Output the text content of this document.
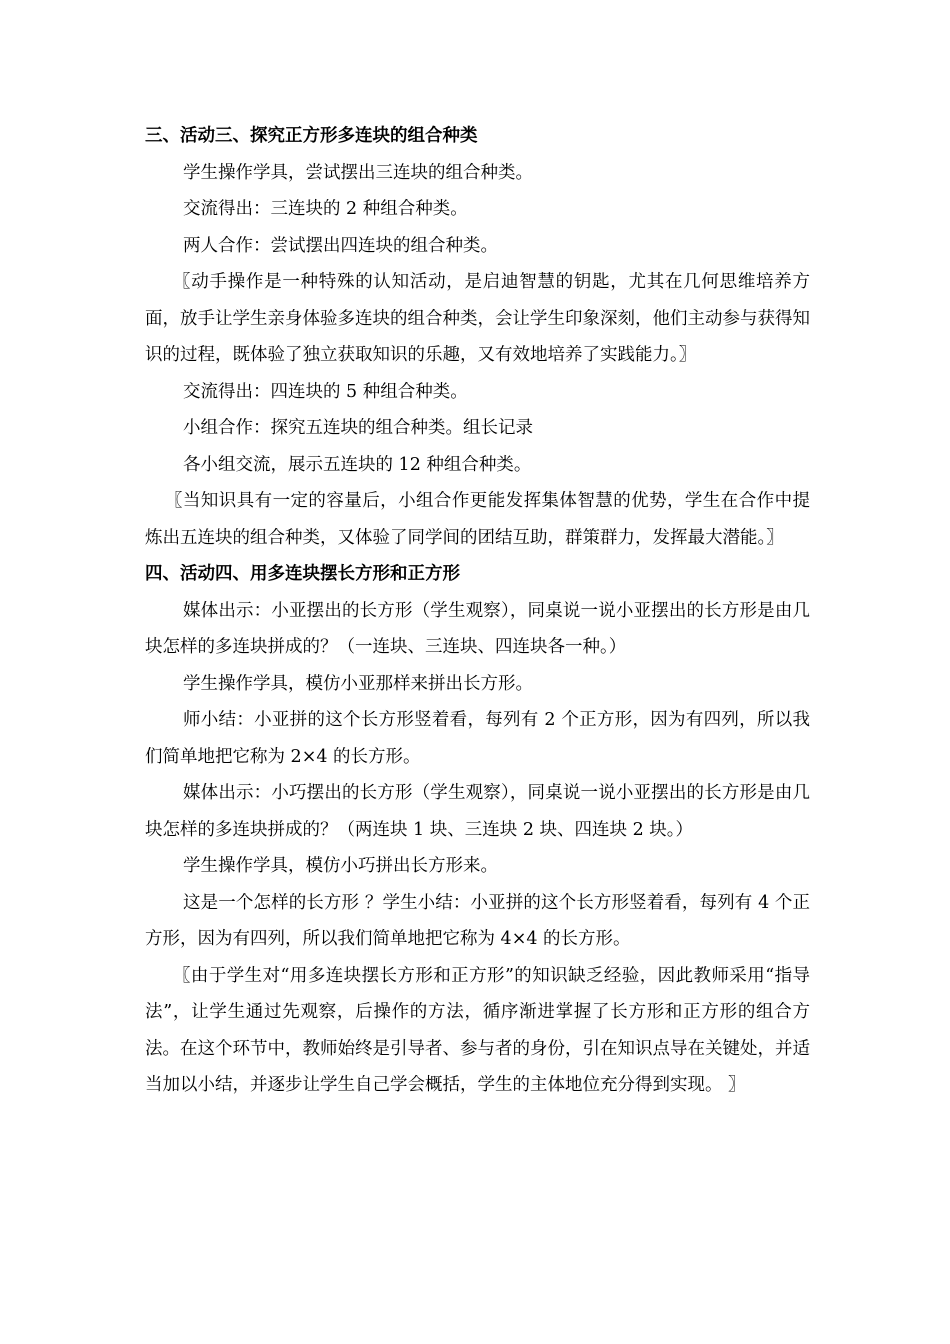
三、活动三、探究正方形多连块的组合种类

学生操作学具，尝试摆出三连块的组合种类。

交流得出：三连块的 2 种组合种类。

两人合作：尝试摆出四连块的组合种类。

〖动手操作是一种特殊的认知活动，是启迪智慧的钥匙，尤其在几何思维培养方面，放手让学生亲身体验多连块的组合种类，会让学生印象深刻，他们主动参与获得知识的过程，既体验了独立获取知识的乐趣，又有效地培养了实践能力。〗

交流得出：四连块的 5 种组合种类。

小组合作：探究五连块的组合种类。组长记录

各小组交流，展示五连块的 12 种组合种类。

〖当知识具有一定的容量后，小组合作更能发挥集体智慧的优势，学生在合作中提炼出五连块的组合种类，又体验了同学间的团结互助，群策群力，发挥最大潜能。〗

四、活动四、用多连块摆长方形和正方形

媒体出示：小亚摆出的长方形（学生观察），同桌说一说小亚摆出的长方形是由几块怎样的多连块拼成的？（一连块、三连块、四连块各一种。）

学生操作学具，模仿小亚那样来拼出长方形。

师小结：小亚拼的这个长方形竖着看，每列有 2 个正方形，因为有四列，所以我们简单地把它称为 2×4 的长方形。

媒体出示：小巧摆出的长方形（学生观察），同桌说一说小亚摆出的长方形是由几块怎样的多连块拼成的？（两连块 1 块、三连块 2 块、四连块 2 块。）

学生操作学具，模仿小巧拼出长方形来。

这是一个怎样的长方形 ？学生小结：小亚拼的这个长方形竖着看，每列有 4 个正方形，因为有四列，所以我们简单地把它称为 4×4 的长方形。

〖由于学生对“用多连块摆长方形和正方形”的知识缺乏经验，因此教师采用“指导法”，让学生通过先观察，后操作的方法，循序渐进掌握了长方形和正方形的组合方法。在这个环节中，教师始终是引导者、参与者的身份，引在知识点导在关键处，并适当加以小结，并逐步让学生自己学会概括，学生的主体地位充分得到实现。 〗
